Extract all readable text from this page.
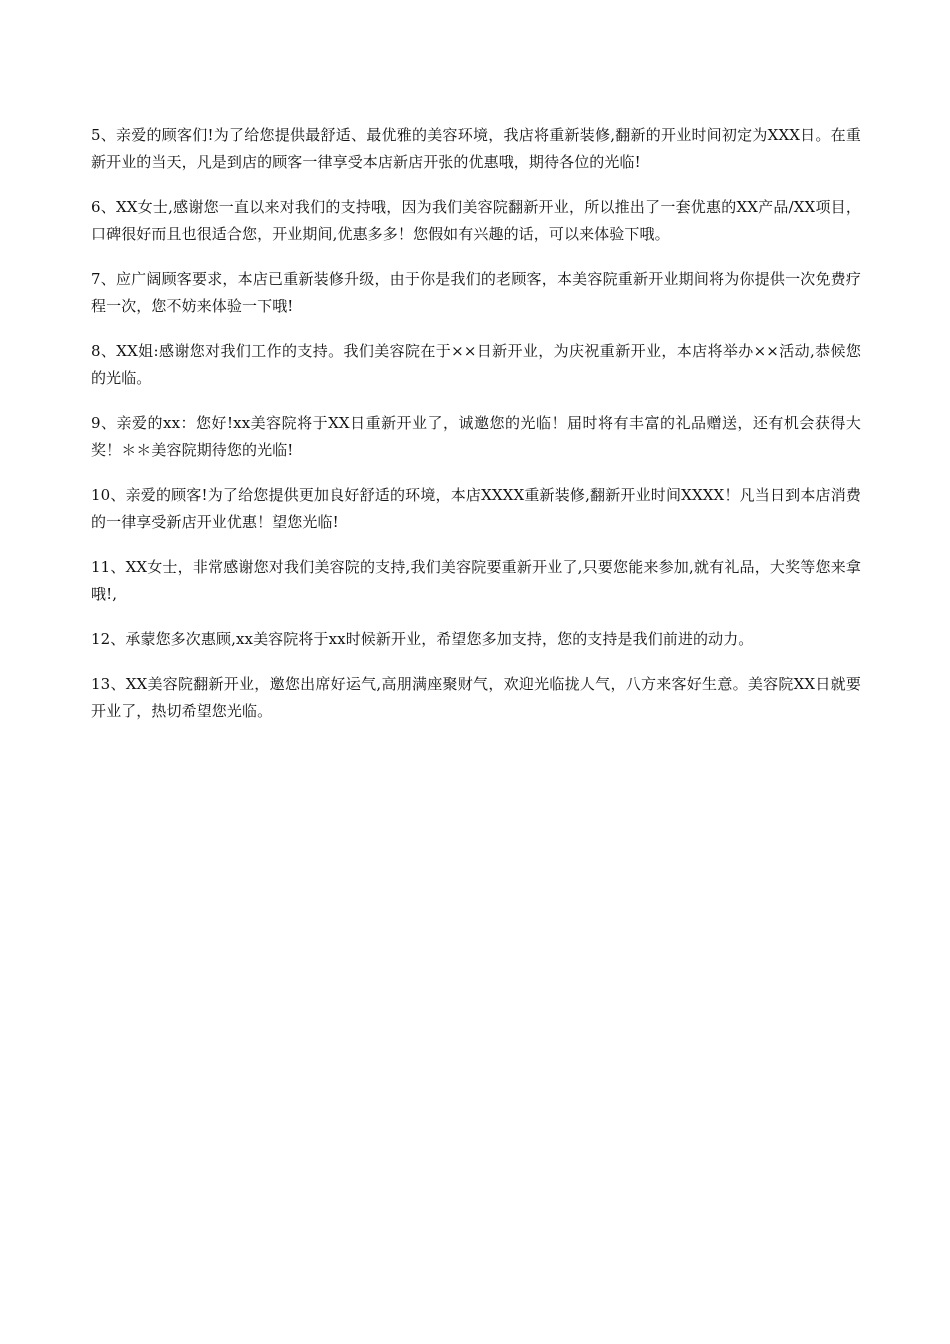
5、亲爱的顾客们!为了给您提供最舒适、最优雅的美容环境，我店将重新装修,翻新的开业时间初定为XXX日。在重新开业的当天，凡是到店的顾客一律享受本店新店开张的优惠哦，期待各位的光临!

6、XX女士,感谢您一直以来对我们的支持哦，因为我们美容院翻新开业，所以推出了一套优惠的XX产品/XX项目，口碑很好而且也很适合您，开业期间,优惠多多！您假如有兴趣的话，可以来体验下哦。

7、应广阔顾客要求，本店已重新装修升级，由于你是我们的老顾客，本美容院重新开业期间将为你提供一次免费疗程一次，您不妨来体验一下哦!

8、XX姐:感谢您对我们工作的支持。我们美容院在于××日新开业，为庆祝重新开业，本店将举办××活动,恭候您的光临。

9、亲爱的xx：您好!xx美容院将于XX日重新开业了，诚邀您的光临！届时将有丰富的礼品赠送，还有机会获得大奖！＊＊美容院期待您的光临!

10、亲爱的顾客!为了给您提供更加良好舒适的环境，本店XXXX重新装修,翻新开业时间XXXX！凡当日到本店消费的一律享受新店开业优惠！望您光临!

11、XX女士，非常感谢您对我们美容院的支持,我们美容院要重新开业了,只要您能来参加,就有礼品，大奖等您来拿哦!,

12、承蒙您多次惠顾,xx美容院将于xx时候新开业，希望您多加支持，您的支持是我们前进的动力。

13、XX美容院翻新开业，邀您出席好运气,高朋满座聚财气，欢迎光临拢人气，八方来客好生意。美容院XX日就要开业了，热切希望您光临。
